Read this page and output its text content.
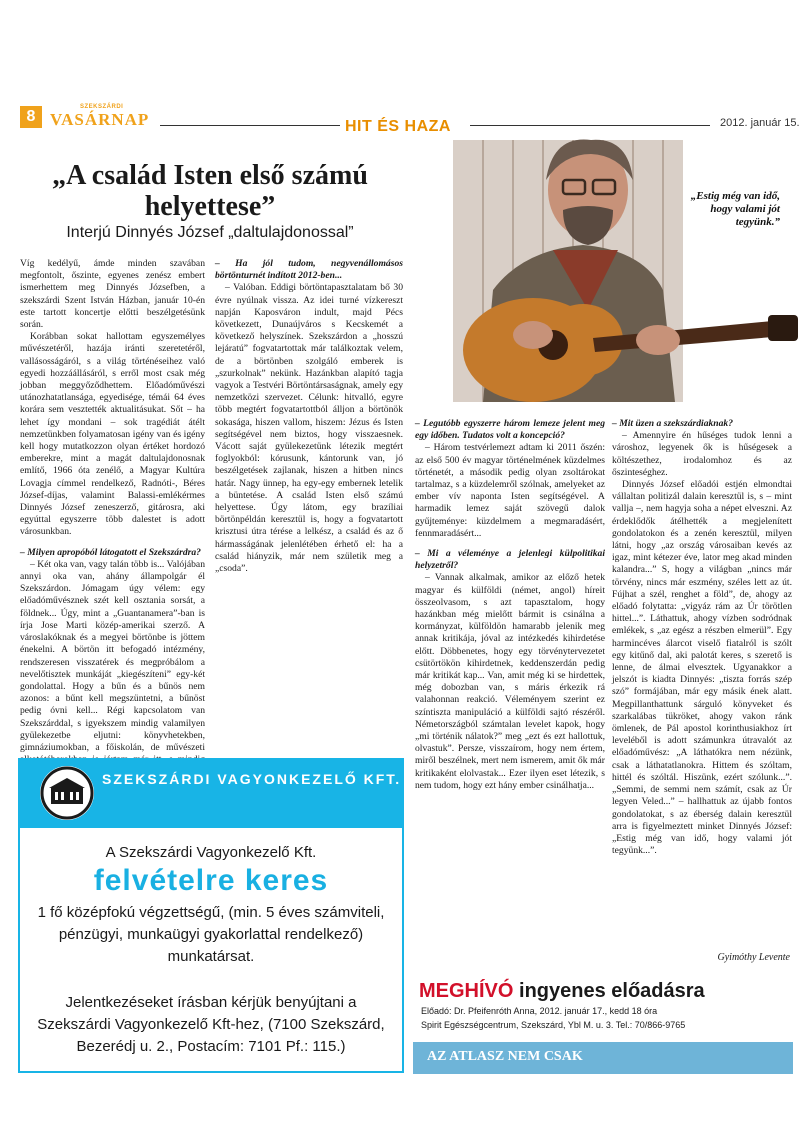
8
SZEKSZÁRDI
VASÁRNAP	HIT ÉS HAZA	2012. január 15.
„A család Isten első számú helyettese”
Interjú Dinnyés József „daltulajdonossal”
„Estig még van idő, hogy valami jót tegyünk.”

Víg kedélyű, ámde minden szavában megfontolt, őszinte, egyenes zenész embert ismerhettem meg Dinnyés Józsefben, a szekszárdi Szent István Házban, január 10-én este tartott koncertje előtti beszélgetésünk során.

Korábban sokat hallottam egyszemélyes művészetéről, hazája iránti szeretetéről, vallásosságáról, s a világ történéseihez való egyedi hozzáállásáról, s erről most csak még jobban meggyőződhettem. Előadóművészi utánozhatatlanságа, egyedisége, témái 64 éves korára sem vesztették aktualitásukat. Sőt – ha lehet így mondani – sok tragédiát átélt nemzetünkben folyamatosan igény van és igény kell hogy mutatkozzon olyan értéket hordozó emberekre, mint a magát daltulajdonosnak említő, 1966 óta zenélő, a Magyar Kultúra Lovagja címmel rendelkező, Radnóti-, Béres József-díjas, valamint Balassi-emlékérmes Dinnyés József zeneszerző, gitárosra, aki egyúttal egyszerre több dalestet is adott városunkban.

– Milyen apropóból látogatott el Szekszárdra?

– Két oka van, vagy talán több is... Valójában annyi oka van, ahány állampolgár él Szekszárdon. Jómagam úgy vélem: egy előadóművésznek szét kell osztania sorsát, a földnek... Úgy, mint a „Guantanamera”-ban is írja Jose Marti közép-amerikai szerző. A városlakóknak és a megyei börtönbe is jöttem énekelni. A börtön itt befogadó intézmény, rendszeresen visszatérek és megpróbálom a nevelőtisztek munkáját „kiegészíteni” egy-két gondolattal. Hogy a bűn és a bűnös nem azonos: a bűnt kell megszüntetni, a bűnöst pedig óvni kell... Régi kapcsolatom van Szekszárddal, s igyekszem mindig valamilyen gyülekezetbe eljutni: könyvhetekben, gimnáziumokban, a főiskolán, de művészeti

– Ha jól tudom, negyvenállomásos börtönturnét indított 2012-ben...

– Valóban. Eddigi börtöntapasztalatam bő 30 évre nyúlnak vissza. Az idei turné vízkereszt napján Kaposváron indult, majd Pécs következett, Dunaújváros s Kecskemét a következő helyszínek. Szekszárdon a „hosszú lejáratú” fogvatartottak már találkoztak velem, de a börtönben szolgáló emberek is „szurkolnak” nekünk. Hazánkban alapító tagja vagyok a Testvéri Börtöntársaságnak, amely egy nemzetközi szervezet. Célunk: hitvalló, egyre több megtért fogvatartottból álljon a börtönök sokasága, hiszen vallom, hiszem: Jézus és Isten segítségével nem biztos, hogy visszaesnek. Vácott saját gyülekezetünk létezik megtért foglyokból: kórusunk, kántorunk van, jó beszélgetések zajlanak, hiszen a hitben nincs határ. Nagy ünnep, ha egy-egy embernek letelik a büntetése. A család Isten első számú helyettese. Úgy látom, egy brazíliai börtönpéldán keresztül is, hogy a fogvatartott krisztusi útra térése a lelkész, a család és az ő hármasságának jelenlétében érhető el: ha a család hiányzik, már nem születik meg a „csoda”.

– Legutóbb egyszerre három lemeze jelent meg egy időben. Tudatos volt a koncepció?

– Három testvérlemezt adtam ki 2011 őszén: az első 500 év magyar történelmének küzdelmes történetét, a második pedig olyan zsoltárokat tartalmaz, s a küzdelemről szólnak, amelyeket az ember vív naponta Isten segítségével. A harmadik lemez saját szövegű dalok gyűjteménye: küzdelmem a megmaradásért, fennmaradásért...

– Mi a véleménye a jelenlegi külpolitikai helyzetről?

– Vannak alkalmak, amikor az előző hetek magyar és külföldi (német, angol) híreit összeolvasom, s azt tapasztalom, hogy hazánkban még mielőtt bármit is csinálna a kormányzat, külföldön hamarabb jelenik meg annak kritikája, jóval az intézkedés kihirdetése előtt. Döbbenetes, hogy egy törvénytervezetet csütörtökön kihirdetnek, keddenszerdán pedig már kritikát kap... Van, amit még ki se hirdettek, még dobozban van, s máris érkezik rá valahonnan reakció. Véleményem szerint ez színtiszta manipuláció a külföldi sajtó részéről. Németországból számtalan levelet kapok, hogy „mi történik nálatok?” meg „ezt és ezt hallottuk, olvastuk”. Persze, visszaírom, hogy nem értem, miről beszélnek, mert nem ismerem, amit ők már kritikaként elolvastak... Ezer ilyen eset létezik, s nem tudom, hogy ezt hány ember csinálhatja...

– Mit üzen a szekszárdiaknak?

– Amennyire én hűséges tudok lenni a városhoz, legyenek ők is hűségesek a költészethez, irodalomhoz és az őszinteséghez.

Dinnyés József előadói estjén elmondtai vállaltan politizál dalain keresztül is, s – mint vallja –, nem hagyja soha a népet elveszni. Az érdeklődők átélhették a megjelenített gondolatokon és a zenén keresztül, milyen látni, hogy „az ország városaiban kevés az igaz, mint kétezer éve, lator meg akad minden kalandra...” S, hogy a világban „nincs már törvény, nincs már eszmény, széles lett az út. Fújhat a szél, renghet a föld”, de, ahogy az előadó folytatta: „vigyáz rám az Úr törötlen hittel...”. Láthattuk, ahogy vízben sodródnak emlékek, s „az egész a részben elmerül”. Egy harmincéves álarcot viselő fiatalról is szólt egy kitűnő dal, aki palotát keres, s szerető is lenne, de álmai elvesztek. Ugyanakkor a jelszót is kiadta Dinnyés: „tiszta forrás szép szó” formájában, már egy másik ének alatt. Megpillanthattunk sárguló könyveket és szarkalábas tükröket, ahogy vakon ránk ömlenek, de Pál apostol korinthusiakhoz írt leveléből is adott számunkra útravalót az előadóművész: „A láthatókra nem nézünk, csak a láthatatlanokra. Hittem és szóltam, hittél és szóltál. Hiszünk, ezért szólunk...”. „Semmi, de semmi nem számít, csak az Úr legyen Veled...” – hallhattuk az újabb fontos gondolatokat, s az éberség dalain keresztül arra is figyelmeztett minket Dinnyés József: „Estig még van idő, hogy valami jót tegyünk...”.

Gyimóthy Levente
SZEKSZÁRDI VAGYONKEZELŐ KFT.
A Szekszárdi Vagyonkezelő Kft.
felvételre keres
1 fő középfokú végzettségű, (min. 5 éves számviteli, pénzügyi, munkaügyi gyakorlattal rendelkező) munkatársat.
Jelentkezéseket írásban kérjük benyújtani a Szekszárdi Vagyonkezelő Kft-hez, (7100 Szekszárd, Bezerédj u. 2., Postacím: 7101 Pf.: 115.)
MEGHÍVÓ ingyenes előadásra
Előadó: Dr. Pfeifenróth Anna, 2012. január 17., kedd 18 óra
Spirit Egészségcentrum, Szekszárd, Ybl M. u. 3. Tel.: 70/866-9765
AZ ATLASZ NEM CSAK
